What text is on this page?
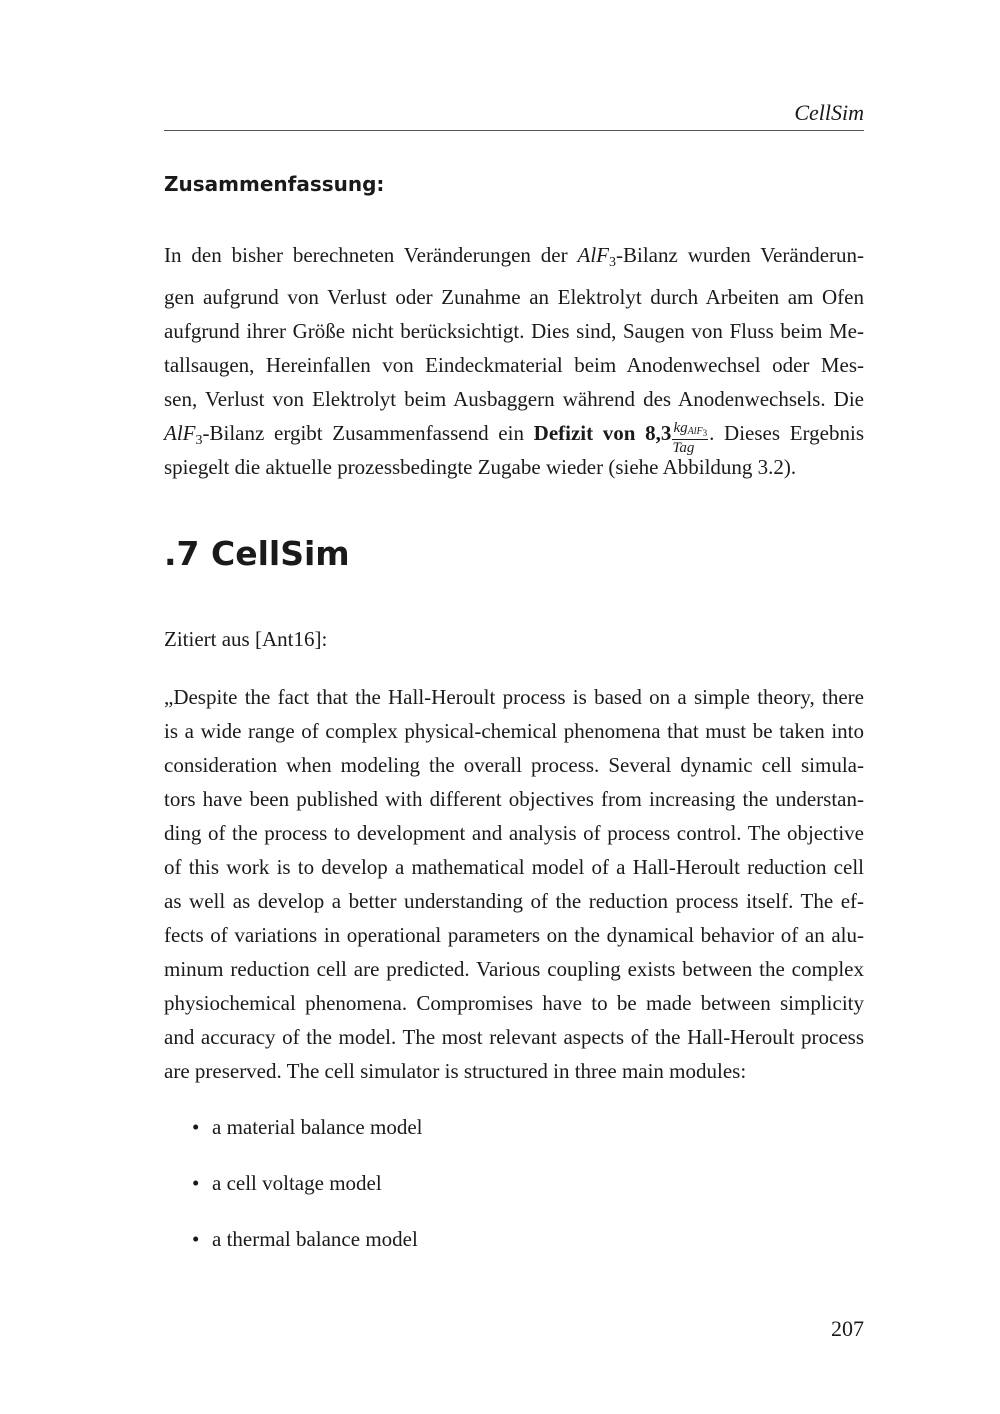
CellSim
Zusammenfassung:
In den bisher berechneten Veränderungen der AlF$_3$-Bilanz wurden Veränderun-
gen aufgrund von Verlust oder Zunahme an Elektrolyt durch Arbeiten am Ofen
aufgrund ihrer Größe nicht berücksichtigt. Dies sind, Saugen von Fluss beim Me-
tallsaugen, Hereinfallen von Eindeckmaterial beim Anodenwechsel oder Mes-
sen, Verlust von Elektrolyt beim Ausbaggern während des Anodenwechsels. Die
AlF$_3$-Bilanz ergibt Zusammenfassend ein Defizit von $8,3 \frac{kg_{AlF_3}}{\text{Tag}}$ . Dieses Ergebnis
spiegelt die aktuelle prozessbedingte Zugabe wieder (siehe Abbildung 3.2).
.7 CellSim
Zitiert aus [Ant16]:
„Despite the fact that the Hall-Heroult process is based on a simple theory, there
is a wide range of complex physical-chemical phenomena that must be taken into
consideration when modeling the overall process. Several dynamic cell simula-
tors have been published with different objectives from increasing the understan-
ding of the process to development and analysis of process control. The objective
of this work is to develop a mathematical model of a Hall-Heroult reduction cell
as well as develop a better understanding of the reduction process itself. The ef-
fects of variations in operational parameters on the dynamical behavior of an alu-
minum reduction cell are predicted. Various coupling exists between the complex
physiochemical phenomena. Compromises have to be made between simplicity
and accuracy of the model. The most relevant aspects of the Hall-Heroult process
are preserved. The cell simulator is structured in three main modules:
• a material balance model
• a cell voltage model
• a thermal balance model
207
